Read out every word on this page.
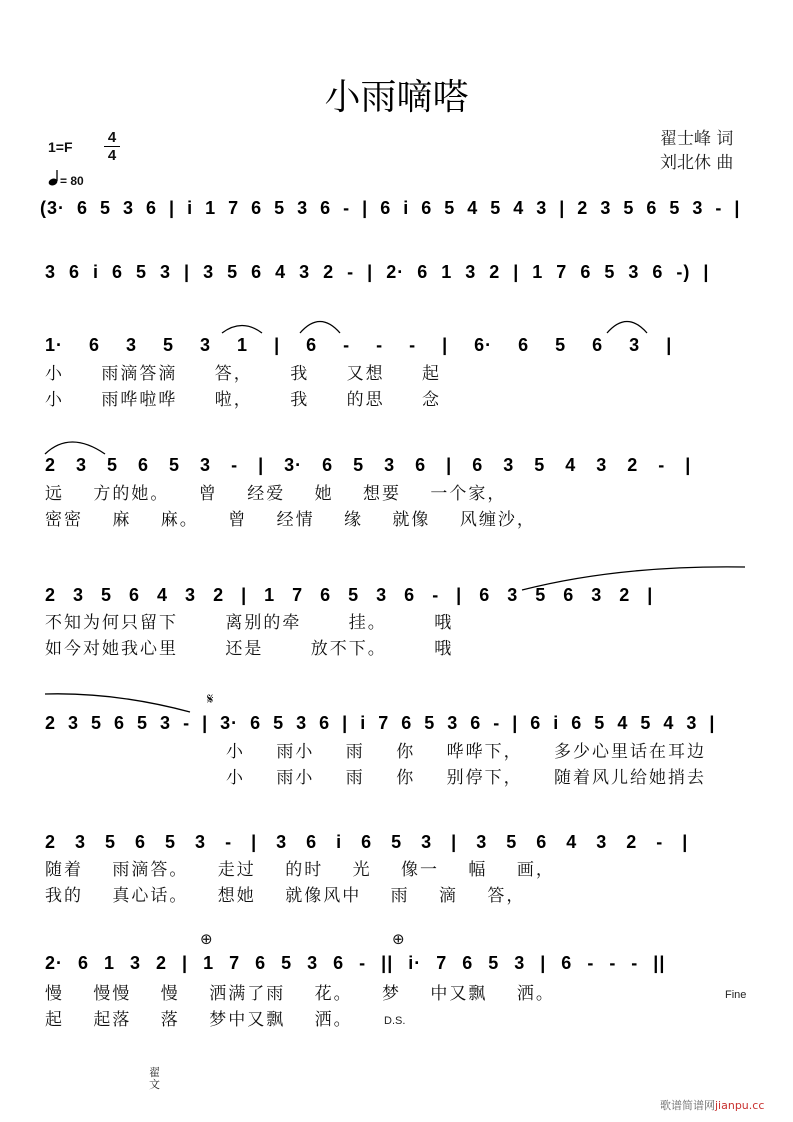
小雨嘀嗒
翟士峰 词
刘北休 曲
1=F
4
4
= 80
(3· 6 5 3 6 | i 1 7 6 5 3 6 - | 6 i 6 5 4 5 4 3 | 2 3 5 6 5 3 - |
3 6 i 6 5 3 | 3 5 6 4 3 2 - | 2· 6 1 3 2 | 1 7 6 5 3 6 -) |
1· 6 3 5 3 1 | 6 - - - | 6· 6 5 6 3 |
小 雨滴答滴 答， 我 又想 起
小 雨哗啦哗 啦， 我 的思 念
2 3 5 6 5 3 - | 3· 6 5 3 6 | 6 3 5 4 3 2 - |
远 方的她。 曾 经爱 她 想要 一个家，
密密 麻 麻。 曾 经情 缘 就像 风缠沙，
2 3 5 6 4 3 2 | 1 7 6 5 3 6 - | 6 3 5 6 3 2 |
不知为何只留下 离别的牵 挂。 哦
如今对她我心里 还是 放不下。 哦
2 3 5 6 5 3 - | 3· 6 5 3 6 | i 7 6 5 3 6 - | 6 i 6 5 4 5 4 3 |
小 雨小 雨 你 哗哗下， 多少心里话在耳边
小 雨小 雨 你 别停下， 随着风儿给她捎去
2 3 5 6 5 3 - | 3 6 i 6 5 3 | 3 5 6 4 3 2 - |
随着 雨滴答。 走过 的时 光 像一 幅 画，
我的 真心话。 想她 就像风中 雨 滴 答，
2· 6 1 3 2 | 1 7 6 5 3 6 - || i· 7 6 5 3 | 6 - - - ||
慢 慢慢 慢 洒满了雨 花。 梦 中又飘 洒。
起 起落 落 梦中又飘 洒。
𝄋
⊕	⊕
D.S.
Fine
翟
文
歌谱简谱网jianpu.cc
